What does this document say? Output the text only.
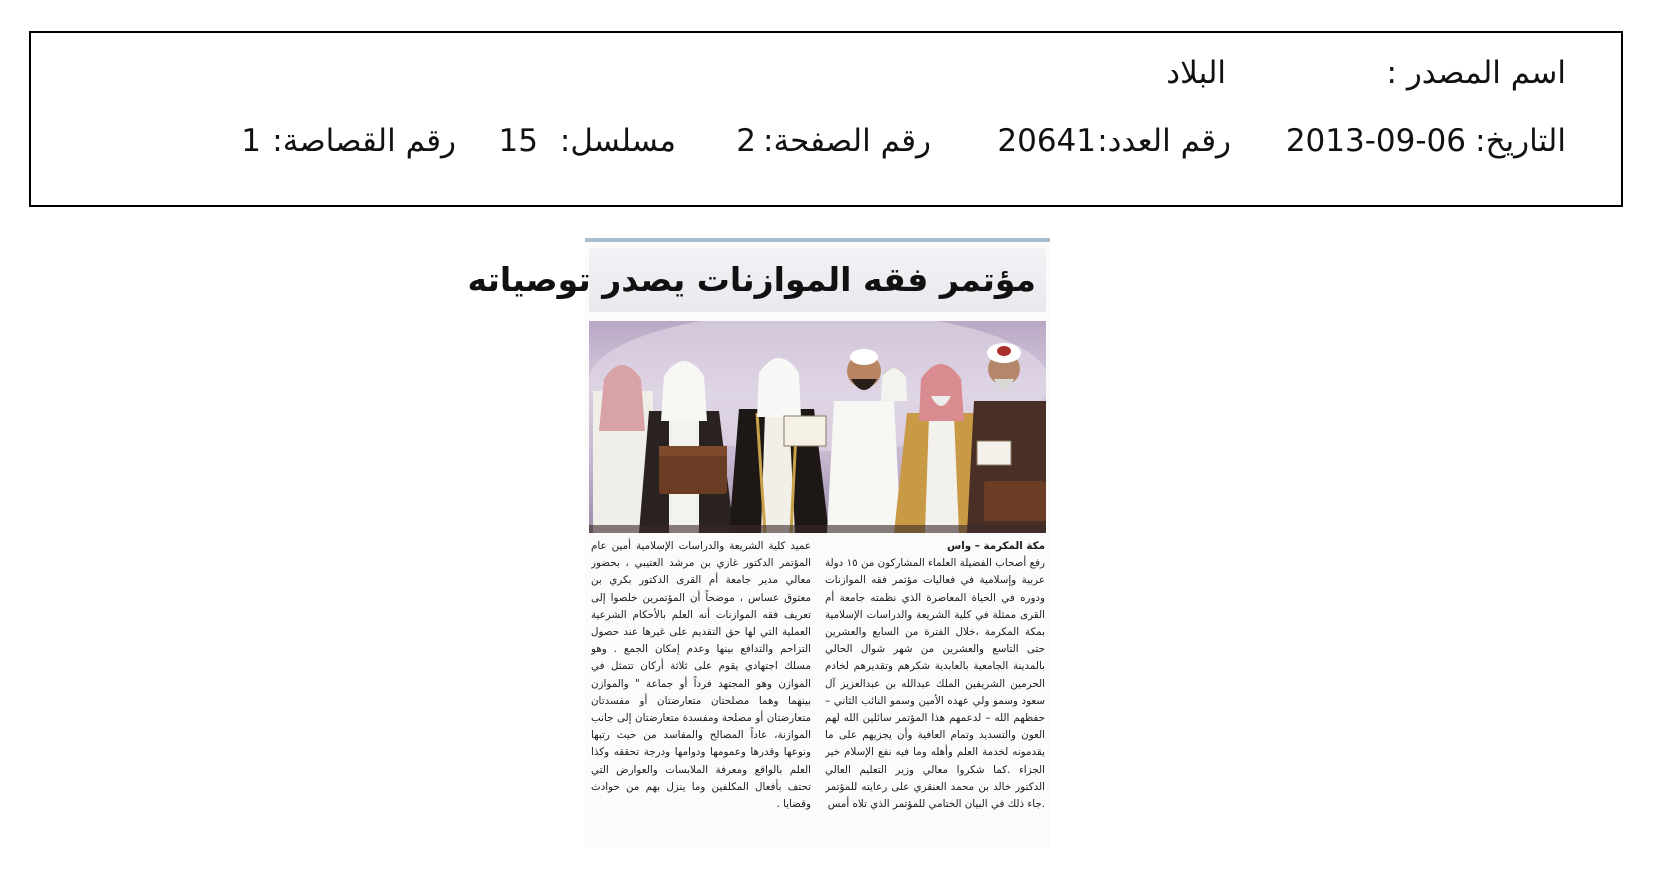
اسم المصدر :
البلاد
التاريخ:
2013-09-06
رقم العدد:
20641
رقم الصفحة:
2
مسلسل:
15
رقم القصاصة:
1
مؤتمر فقه الموازنات يصدر توصياته
مكة المكرمة – واس
رفع أصحاب الفضيلة العلماء المشاركون من ١٥ دولة عربية وإسلامية في فعاليات مؤتمر فقه الموازنات ودوره في الحياة المعاصرة الذي نظمته جامعة أم القرى ممثلة في كلية الشريعة والدراسات الإسلامية بمكة المكرمة ،خلال الفترة من السابع والعشرين حتى التاسع والعشرين من شهر شوال الحالي بالمدينة الجامعية بالعابدية شكرهم وتقديرهم لخادم الحرمين الشريفين الملك عبدالله بن عبدالعزيز آل سعود وسمو ولي عهده الأمين وسمو النائب الثاني – حفظهم الله – لدعمهم هذا المؤتمر سائلين الله لهم العون والتسديد وتمام العافية وأن يجزيهم على ما يقدمونه لخدمة العلم وأهله وما فيه نفع الإسلام خير الجزاء .كما شكروا معالي وزير التعليم العالي الدكتور خالد بن محمد العنقري على رعايته للمؤتمر .جاء ذلك في البيان الختامي للمؤتمر الذي تلاه أمس
عميد كلية الشريعة والدراسات الإسلامية أمين عام المؤتمر الدكتور غازي بن مرشد العتيبي ، بحضور معالي مدير جامعة أم القرى الدكتور بكري بن معتوق عساس ، موضحاً أن المؤتمرين خلصوا إلى تعريف فقه الموازنات أنه العلم بالأحكام الشرعية العملية التي لها حق التقديم على غيرها عند حصول التزاحم والتدافع بينها وعدم إمكان الجمع . وهو مسلك اجتهادي يقوم على ثلاثة أركان تتمثل في الموازن وهو المجتهد فرداً أو جماعة " والموازن بينهما وهما مصلحتان متعارضتان أو مفسدتان متعارضتان أو مصلحة ومفسدة متعارضتان إلى جانب الموازنة، عاداً المصالح والمفاسد من حيث رتبها ونوعها وقدرها وعمومها ودوامها ودرجة تحققه وكذا العلم بالواقع ومعرفة الملابسات والعوارض التي تحتف بأفعال المكلفين وما ينزل بهم من حوادث وقضايا .
